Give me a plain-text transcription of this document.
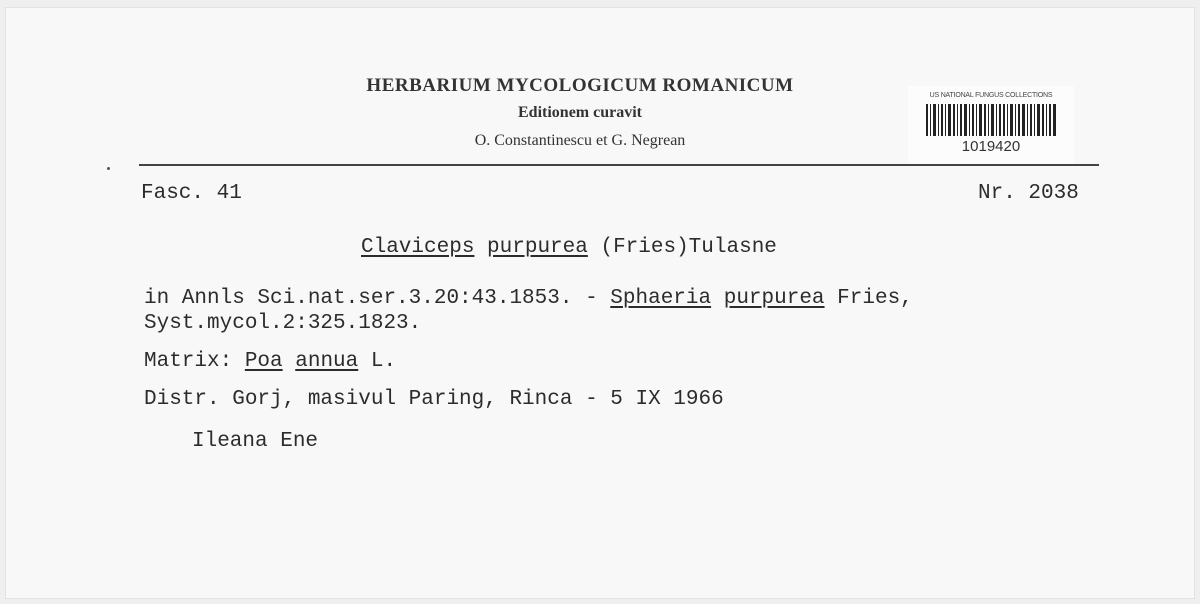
HERBARIUM MYCOLOGICUM ROMANICUM
Editionem curavit
O. Constantinescu et G. Negrean
US NATIONAL FUNGUS COLLECTIONS
1019420
Fasc. 41	Nr. 2038
Claviceps purpurea (Fries)Tulasne
in Annls Sci.nat.ser.3.20:43.1853. - Sphaeria purpurea Fries,
Syst.mycol.2:325.1823.
Matrix: Poa annua L.
Distr. Gorj, masivul Paring, Rinca - 5 IX 1966
Ileana Ene
